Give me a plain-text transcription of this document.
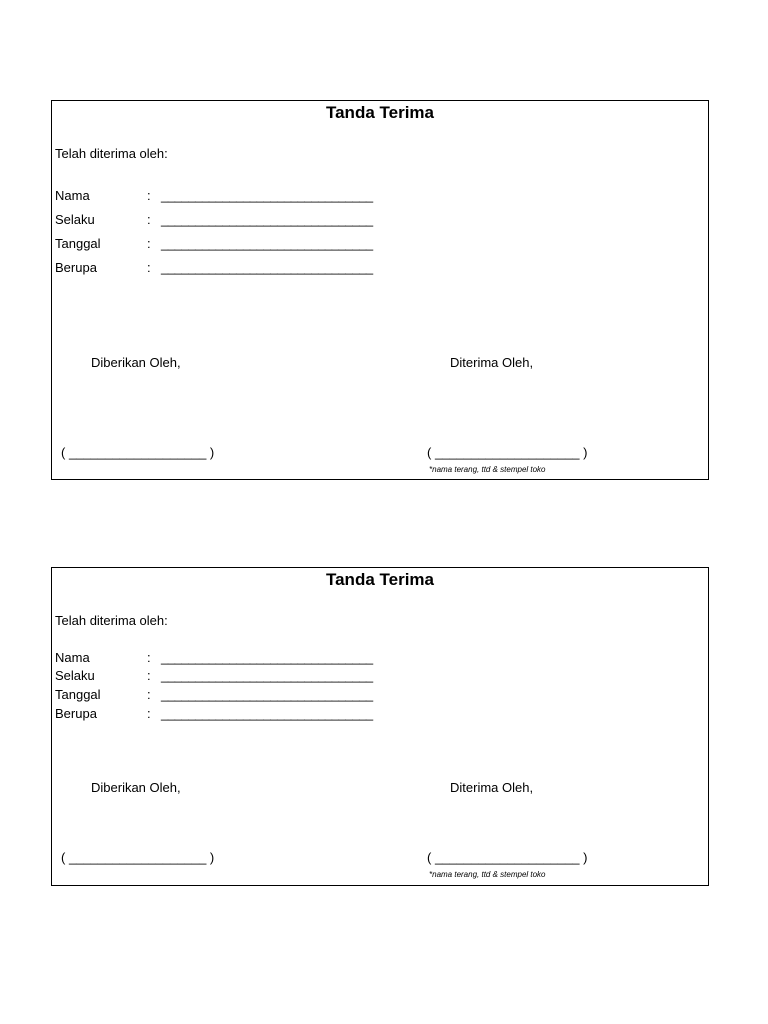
Tanda Terima
Telah diterima oleh:
Nama	: _______________________________
Selaku	: _______________________________
Tanggal	: _______________________________
Berupa	: _______________________________
Diberikan Oleh,	Diterima Oleh,
( ___________________ )	( ____________________ )
*nama terang, ttd & stempel toko
Tanda Terima
Telah diterima oleh:
Nama	: _______________________________
Selaku	: _______________________________
Tanggal	: _______________________________
Berupa	: _______________________________
Diberikan Oleh,	Diterima Oleh,
( ___________________ )	( ____________________ )
*nama terang, ttd & stempel toko
